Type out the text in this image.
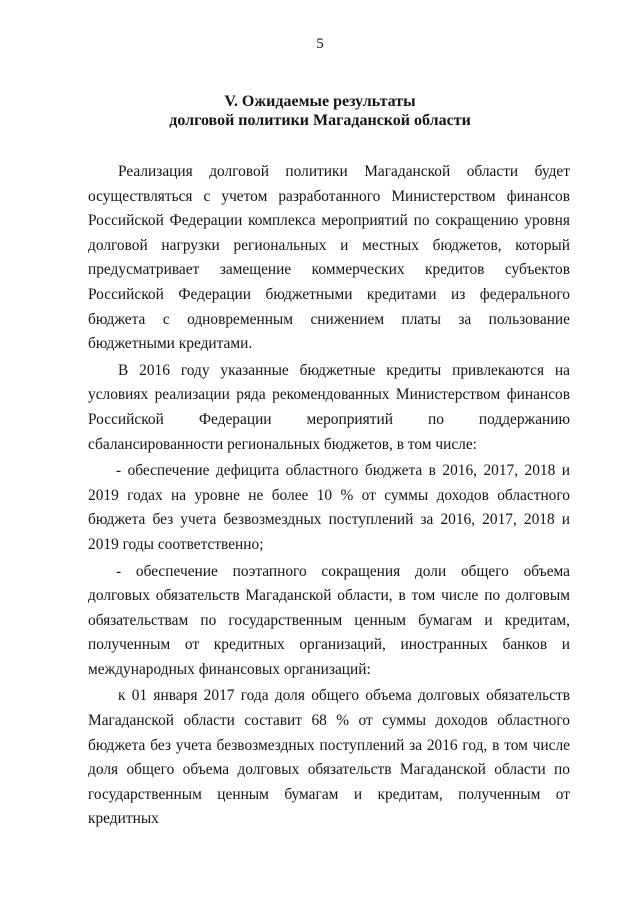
5
V. Ожидаемые результаты
долговой политики Магаданской области

Реализация долговой политики Магаданской области будет осуществляться с учетом разработанного Министерством финансов Российской Федерации комплекса мероприятий по сокращению уровня долговой нагрузки региональных и местных бюджетов, который предусматривает замещение коммерческих кредитов субъектов Российской Федерации бюджетными кредитами из федерального бюджета с одновременным снижением платы за пользование бюджетными кредитами.

В 2016 году указанные бюджетные кредиты привлекаются на условиях реализации ряда рекомендованных Министерством финансов Российской Федерации мероприятий по поддержанию сбалансированности региональных бюджетов, в том числе:

- обеспечение дефицита областного бюджета в 2016, 2017, 2018 и 2019 годах на уровне не более 10 % от суммы доходов областного бюджета без учета безвозмездных поступлений за 2016, 2017, 2018 и 2019 годы соответственно;

- обеспечение поэтапного сокращения доли общего объема долговых обязательств Магаданской области, в том числе по долговым обязательствам по государственным ценным бумагам и кредитам, полученным от кредитных организаций, иностранных банков и международных финансовых организаций:

к 01 января 2017 года доля общего объема долговых обязательств Магаданской области составит 68 % от суммы доходов областного бюджета без учета безвозмездных поступлений за 2016 год, в том числе доля общего объема долговых обязательств Магаданской области по государственным ценным бумагам и кредитам, полученным от кредитных
